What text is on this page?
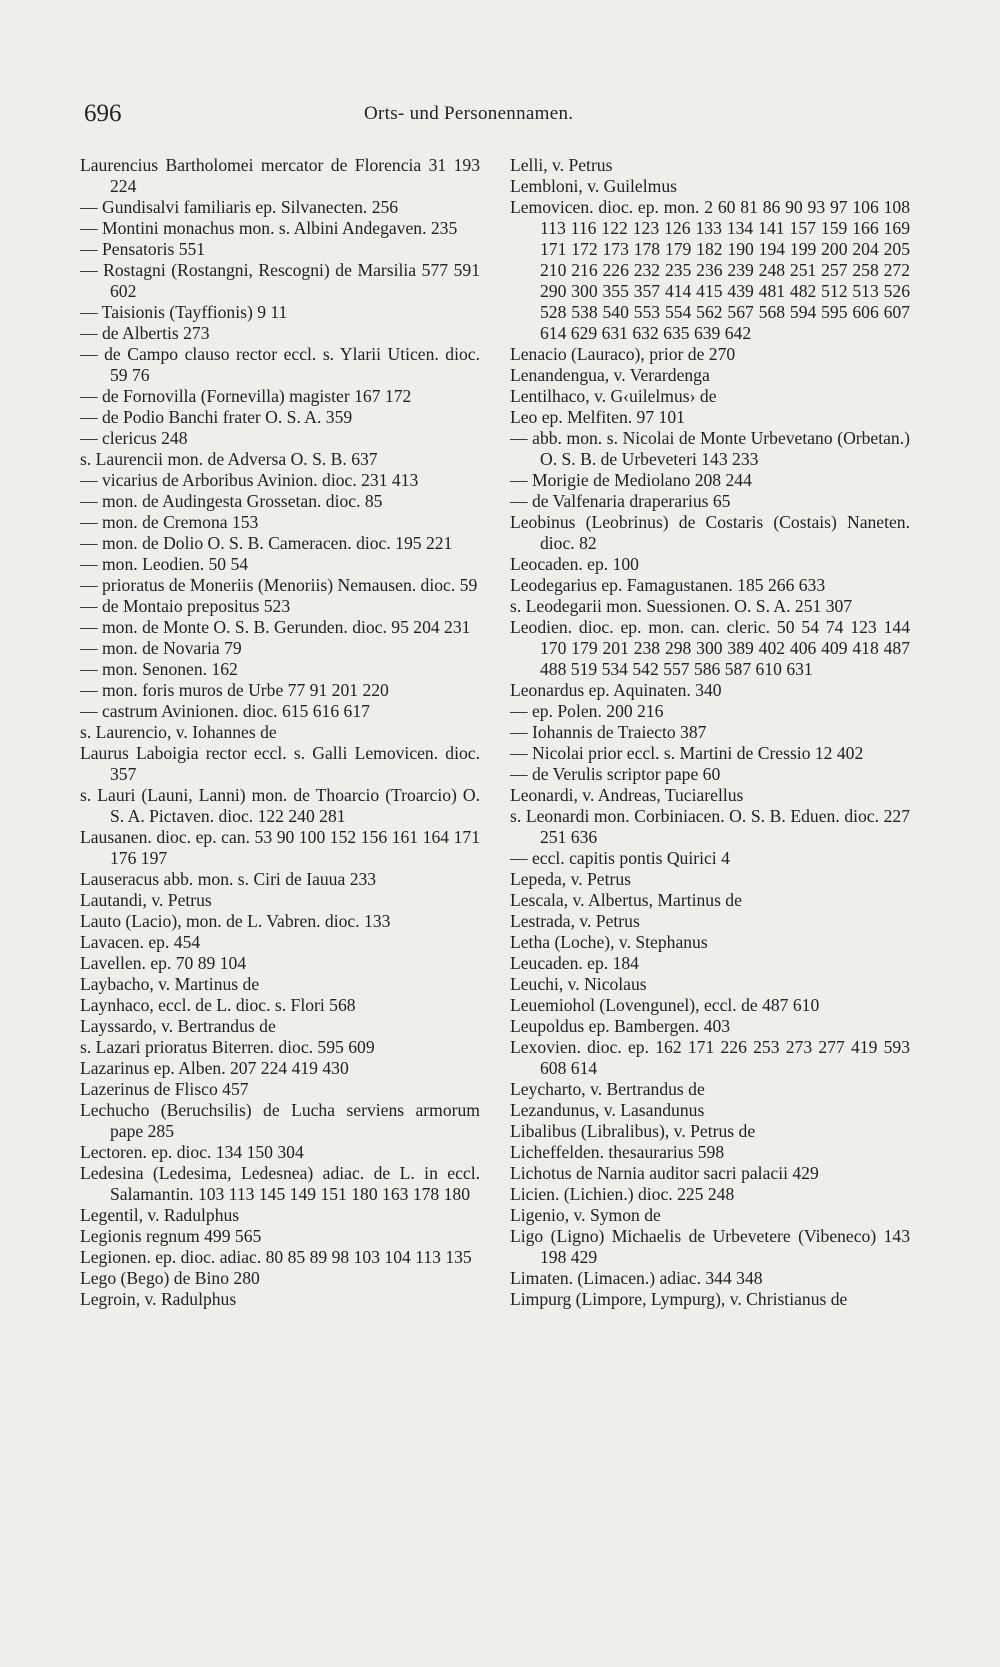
696	Orts- und Personennamen.
Laurencius Bartholomei mercator de Florencia 31 193 224
— Gundisalvi familiaris ep. Silvanecten. 256
— Montini monachus mon. s. Albini Andegaven. 235
— Pensatoris 551
— Rostagni (Rostangni, Rescogni) de Marsilia 577 591 602
— Taisionis (Tayffionis) 9 11
— de Albertis 273
— de Campo clauso rector eccl. s. Ylarii Uticen. dioc. 59 76
— de Fornovilla (Fornevilla) magister 167 172
— de Podio Banchi frater O. S. A. 359
— clericus 248
s. Laurencii mon. de Adversa O. S. B. 637
— vicarius de Arboribus Avinion. dioc. 231 413
— mon. de Audingesta Grossetan. dioc. 85
— mon. de Cremona 153
— mon. de Dolio O. S. B. Cameracen. dioc. 195 221
— mon. Leodien. 50 54
— prioratus de Moneriis (Menoriis) Nemausen. dioc. 59
— de Montaio prepositus 523
— mon. de Monte O. S. B. Gerunden. dioc. 95 204 231
— mon. de Novaria 79
— mon. Senonen. 162
— mon. foris muros de Urbe 77 91 201 220
— castrum Avinionen. dioc. 615 616 617
s. Laurencio, v. Iohannes de
Laurus Laboigia rector eccl. s. Galli Lemovicen. dioc. 357
s. Lauri (Launi, Lanni) mon. de Thoarcio (Troarcio) O. S. A. Pictaven. dioc. 122 240 281
Lausanen. dioc. ep. can. 53 90 100 152 156 161 164 171 176 197
Lauseracus abb. mon. s. Ciri de Iauua 233
Lautandi, v. Petrus
Lauto (Lacio), mon. de L. Vabren. dioc. 133
Lavacen. ep. 454
Lavellen. ep. 70 89 104
Laybacho, v. Martinus de
Laynhaco, eccl. de L. dioc. s. Flori 568
Layssardo, v. Bertrandus de
s. Lazari prioratus Biterren. dioc. 595 609
Lazarinus ep. Alben. 207 224 419 430
Lazerinus de Flisco 457
Lechucho (Beruchsilis) de Lucha serviens armorum pape 285
Lectoren. ep. dioc. 134 150 304
Ledesina (Ledesima, Ledesnea) adiac. de L. in eccl. Salamantin. 103 113 145 149 151 180 163 178 180
Legentil, v. Radulphus
Legionis regnum 499 565
Legionen. ep. dioc. adiac. 80 85 89 98 103 104 113 135
Lego (Bego) de Bino 280
Legroin, v. Radulphus
Lelli, v. Petrus
Lembloni, v. Guilelmus
Lemovicen. dioc. ep. mon. 2 60 81 86 90 93 97 106 108 113 116 122 123 126 133 134 141 157 159 166 169 171 172 173 178 179 182 190 194 199 200 204 205 210 216 226 232 235 236 239 248 251 257 258 272 290 300 355 357 414 415 439 481 482 512 513 526 528 538 540 553 554 562 567 568 594 595 606 607 614 629 631 632 635 639 642
Lenacio (Lauraco), prior de 270
Lenandengua, v. Verardenga
Lentilhaco, v. G‹uilelmus› de
Leo ep. Melfiten. 97 101
— abb. mon. s. Nicolai de Monte Urbevetano (Orbetan.) O. S. B. de Urbeveteri 143 233
— Morigie de Mediolano 208 244
— de Valfenaria draperarius 65
Leobinus (Leobrinus) de Costaris (Costais) Naneten. dioc. 82
Leocaden. ep. 100
Leodegarius ep. Famagustanen. 185 266 633
s. Leodegarii mon. Suessionen. O. S. A. 251 307
Leodien. dioc. ep. mon. can. cleric. 50 54 74 123 144 170 179 201 238 298 300 389 402 406 409 418 487 488 519 534 542 557 586 587 610 631
Leonardus ep. Aquinaten. 340
— ep. Polen. 200 216
— Iohannis de Traiecto 387
— Nicolai prior eccl. s. Martini de Cressio 12 402
— de Verulis scriptor pape 60
Leonardi, v. Andreas, Tuciarellus
s. Leonardi mon. Corbiniacen. O. S. B. Eduen. dioc. 227 251 636
— eccl. capitis pontis Quirici 4
Lepeda, v. Petrus
Lescala, v. Albertus, Martinus de
Lestrada, v. Petrus
Letha (Loche), v. Stephanus
Leucaden. ep. 184
Leuchi, v. Nicolaus
Leuemiohol (Lovengunel), eccl. de 487 610
Leupoldus ep. Bambergen. 403
Lexovien. dioc. ep. 162 171 226 253 273 277 419 593 608 614
Leycharto, v. Bertrandus de
Lezandunus, v. Lasandunus
Libalibus (Libralibus), v. Petrus de
Licheffelden. thesaurarius 598
Lichotus de Narnia auditor sacri palacii 429
Licien. (Lichien.) dioc. 225 248
Ligenio, v. Symon de
Ligo (Ligno) Michaelis de Urbevetere (Vibeneco) 143 198 429
Limaten. (Limacen.) adiac. 344 348
Limpurg (Limpore, Lympurg), v. Christianus de
